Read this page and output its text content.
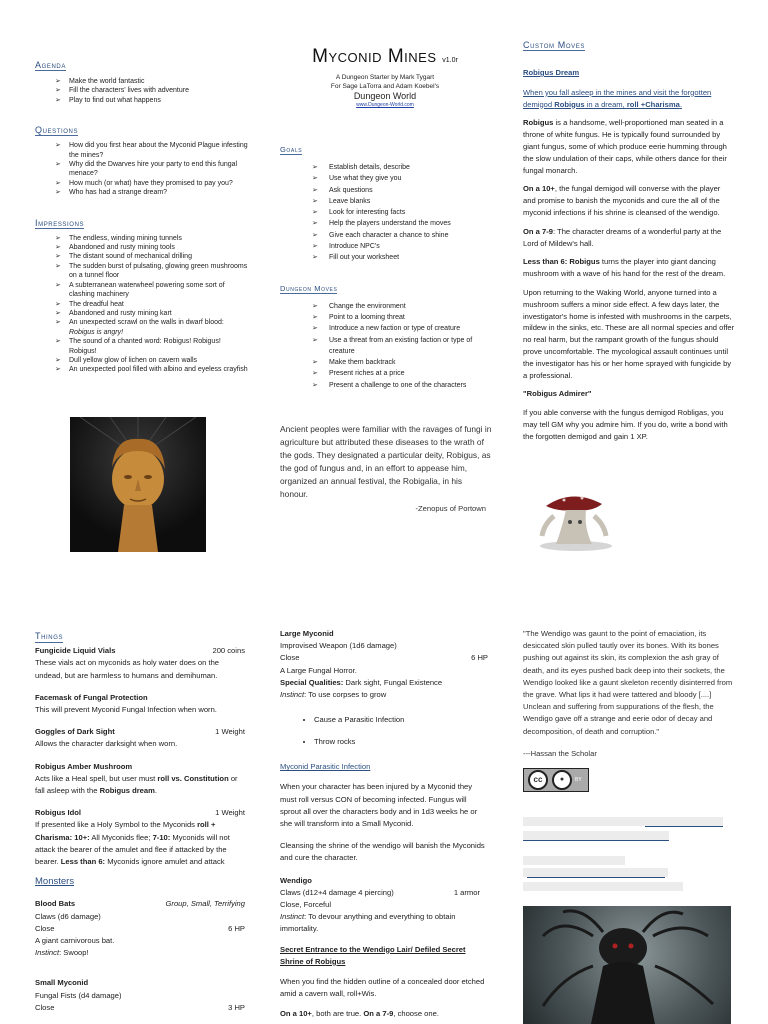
Agenda
➢ Make the world fantastic
➢ Fill the characters' lives with adventure
➢ Play to find out what happens
Questions
➢ How did you first hear about the Myconid Plague infesting the mines?
➢ Why did the Dwarves hire your party to end this fungal menace?
➢ How much (or what) have they promised to pay you?
➢ Who has had a strange dream?
Impressions
➢ The endless, winding mining tunnels
➢ Abandoned and rusty mining tools
➢ The distant sound of mechanical drilling
➢ The sudden burst of pulsating, glowing green mushrooms on a tunnel floor
➢ A subterranean waterwheel powering some sort of clashing machinery
➢ The dreadful heat
➢ Abandoned and rusty mining kart
➢ An unexpected scrawl on the walls in dwarf blood:
Robigus is angry!
➢ The sound of a chanted word: Robigus! Robigus! Robigus!
➢ Dull yellow glow of lichen on cavern walls
➢ An unexpected pool filled with albino and eyeless crayfish
Myconid Mines v1.0r
A Dungeon Starter by Mark Tygart
For Sage LaTorra and Adam Koebel's
Dungeon World
www.Dungeon-World.com
Goals
➢ Establish details, describe
➢ Use what they give you
➢ Ask questions
➢ Leave blanks
➢ Look for interesting facts
➢ Help the players understand the moves
➢ Give each character a chance to shine
➢ Introduce NPC's
➢ Fill out your worksheet
Dungeon Moves
➢ Change the environment
➢ Point to a looming threat
➢ Introduce a new faction or type of creature
➢ Use a threat from an existing faction or type of creature
➢ Make them backtrack
➢ Present riches at a price
➢ Present a challenge to one of the characters
Ancient peoples were familiar with the ravages of fungi in agriculture but attributed these diseases to the wrath of the gods. They designated a particular deity, Robigus, as the god of fungus and, in an effort to appease him, organized an annual festival, the Robigalia, in his honour.
-Zenopus of Portown
Custom Moves
Robigus Dream
When you fall asleep in the mines and visit the forgotten demigod Robigus in a dream, roll +Charisma.
Robigus is a handsome, well-proportioned man seated in a throne of white fungus. He is typically found surrounded by giant fungus, some of which produce eerie humming through the slow undulation of their caps, while others dance for their fungal monarch.
On a 10+, the fungal demigod will converse with the player and promise to banish the myconids and cure the all of the myconid infections if his shrine is cleansed of the wendigo.
On a 7-9: The character dreams of a wonderful party at the Lord of Mildew's hall.
Less than 6: Robigus turns the player into giant dancing mushroom with a wave of his hand for the rest of the dream.
Upon returning to the Waking World, anyone turned into a mushroom suffers a minor side effect. A few days later, the investigator's home is infested with mushrooms in the carpets, mildew in the sinks, etc. These are all normal species and offer no real harm, but the rampant growth of the fungus should prove uncomfortable. The mycological assault continues until the investigator has his or her home sprayed with fungicide by a professional.
"Robigus Admirer"
If you able converse with the fungus demigod Robligas, you may tell GM why you admire him. If you do, write a bond with the forgotten demigod and gain 1 XP.
Things
Fungicide Liquid Vials	200 coins
These vials act on myconids as holy water does on the undead, but are harmless to humans and demihuman.
Facemask of Fungal Protection
This will prevent Myconid Fungal Infection when worn.
Goggles of Dark Sight	1 Weight
Allows the character darksight when worn.
Robigus Amber Mushroom
Acts like a Heal spell, but user must roll vs. Constitution or fall asleep with the Robigus dream.
Robigus Idol	1 Weight
If presented like a Holy Symbol to the Myconids roll + Charisma: 10+: All Myconids flee; 7-10: Myconids will not attack the bearer of the amulet and flee if attacked by the bearer. Less than 6: Myconids ignore amulet and attack
Monsters
Blood Bats	Group, Small, Terrifying
Claws (d6 damage)
Close	6 HP
A giant carnivorous bat.
Instinct: Swoop!
Small Myconid
Fungal Fists (d4 damage)
Close	3 HP
Large Myconid
Improvised Weapon (1d6 damage)
Close	6 HP
A Large Fungal Horror.
Special Qualities: Dark sight, Fungal Existence
Instinct: To use corpses to grow
• Cause a Parasitic Infection
• Throw rocks
Myconid Parasitic Infection
When your character has been injured by a Myconid they must roll versus CON of becoming infected. Fungus will sprout all over the characters body and in 1d3 weeks he or she will transform into a Small Myconid.
Cleansing the shrine of the wendigo will banish the Myconids and cure the character.
Wendigo
Claws (d12+4 damage 4 piercing)	1 armor
Close, Forceful
Instinct: To devour anything and everything to obtain immortality.
Secret Entrance to the Wendigo Lair/ Defiled Secret Shrine of Robigus
When you find the hidden outline of a concealed door etched amid a cavern wall, roll+Wis.
On a 10+, both are true. On a 7-9, choose one.
"The Wendigo was gaunt to the point of emaciation, its desiccated skin pulled tautly over its bones. With its bones pushing out against its skin, its complexion the ash gray of death, and its eyes pushed back deep into their sockets, the Wendigo looked like a gaunt skeleton recently disinterred from the grave. What lips it had were tattered and bloody [....] Unclean and suffering from suppurations of the flesh, the Wendigo gave off a strange and eerie odor of decay and decomposition, of death and corruption."
---Hassan the Scholar
cc	●	BY
